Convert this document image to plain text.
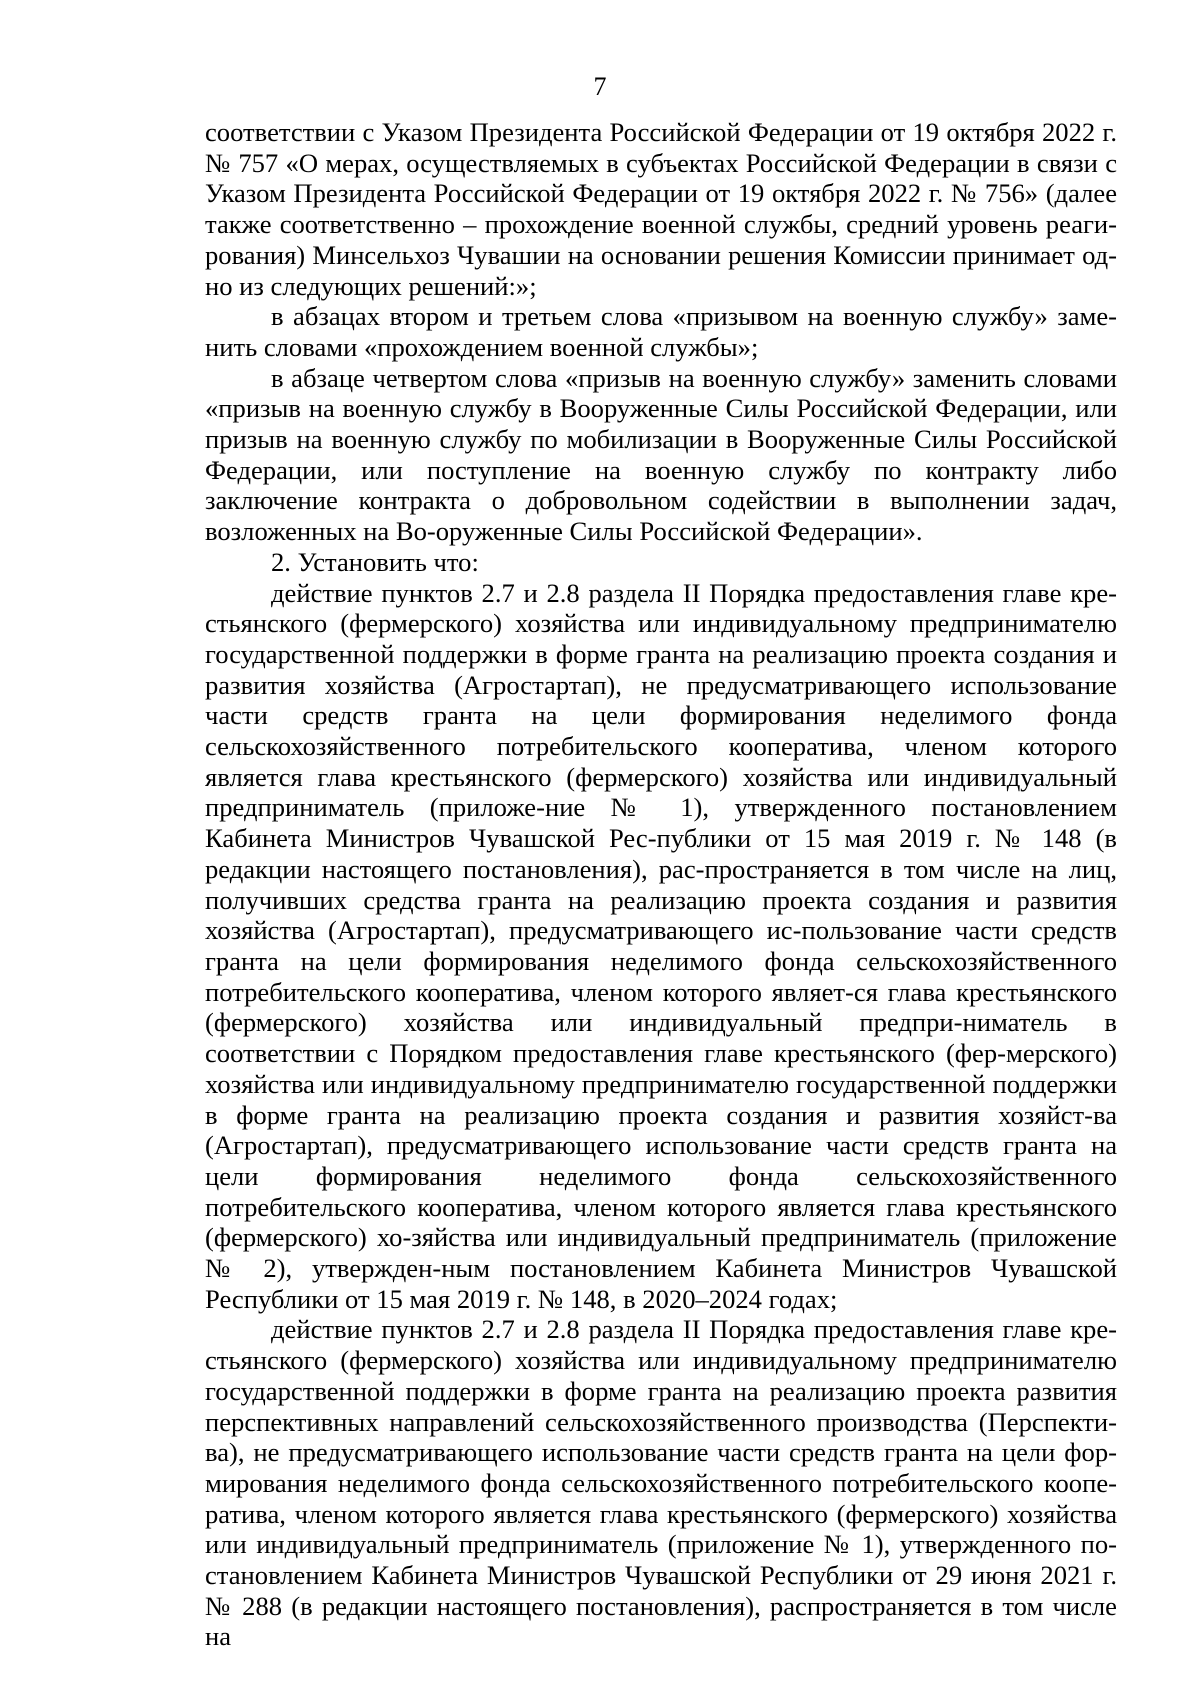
7

соответствии с Указом Президента Российской Федерации от 19 октября 2022 г. № 757 «О мерах, осуществляемых в субъектах Российской Федерации в связи с Указом Президента Российской Федерации от 19 октября 2022 г. № 756» (далее также соответственно – прохождение военной службы, средний уровень реаги-рования) Минсельхоз Чувашии на основании решения Комиссии принимает од-но из следующих решений:»;

в абзацах втором и третьем слова «призывом на военную службу» заме-нить словами «прохождением военной службы»;

в абзаце четвертом слова «призыв на военную службу» заменить словами «призыв на военную службу в Вооруженные Силы Российской Федерации, или призыв на военную службу по мобилизации в Вооруженные Силы Российской Федерации, или поступление на военную службу по контракту либо заключение контракта о добровольном содействии в выполнении задач, возложенных на Во-оруженные Силы Российской Федерации».

2. Установить что:

действие пунктов 2.7 и 2.8 раздела II Порядка предоставления главе кре-стьянского (фермерского) хозяйства или индивидуальному предпринимателю государственной поддержки в форме гранта на реализацию проекта создания и развития хозяйства (Агростартап), не предусматривающего использование части средств гранта на цели формирования неделимого фонда сельскохозяйственного потребительского кооператива, членом которого является глава крестьянского (фермерского) хозяйства или индивидуальный предприниматель (приложе-ние № 1), утвержденного постановлением Кабинета Министров Чувашской Рес-публики от 15 мая 2019 г. № 148 (в редакции настоящего постановления), рас-пространяется в том числе на лиц, получивших средства гранта на реализацию проекта создания и развития хозяйства (Агростартап), предусматривающего ис-пользование части средств гранта на цели формирования неделимого фонда сельскохозяйственного потребительского кооператива, членом которого являет-ся глава крестьянского (фермерского) хозяйства или индивидуальный предпри-ниматель в соответствии с Порядком предоставления главе крестьянского (фер-мерского) хозяйства или индивидуальному предпринимателю государственной поддержки в форме гранта на реализацию проекта создания и развития хозяйст-ва (Агростартап), предусматривающего использование части средств гранта на цели формирования неделимого фонда сельскохозяйственного потребительского кооператива, членом которого является глава крестьянского (фермерского) хо-зяйства или индивидуальный предприниматель (приложение № 2), утвержден-ным постановлением Кабинета Министров Чувашской Республики от 15 мая 2019 г. № 148, в 2020–2024 годах;

действие пунктов 2.7 и 2.8 раздела II Порядка предоставления главе кре-стьянского (фермерского) хозяйства или индивидуальному предпринимателю государственной поддержки в форме гранта на реализацию проекта развития перспективных направлений сельскохозяйственного производства (Перспекти-ва), не предусматривающего использование части средств гранта на цели фор-мирования неделимого фонда сельскохозяйственного потребительского коопе-ратива, членом которого является глава крестьянского (фермерского) хозяйства или индивидуальный предприниматель (приложение № 1), утвержденного по-становлением Кабинета Министров Чувашской Республики от 29 июня 2021 г. № 288 (в редакции настоящего постановления), распространяется в том числе на
